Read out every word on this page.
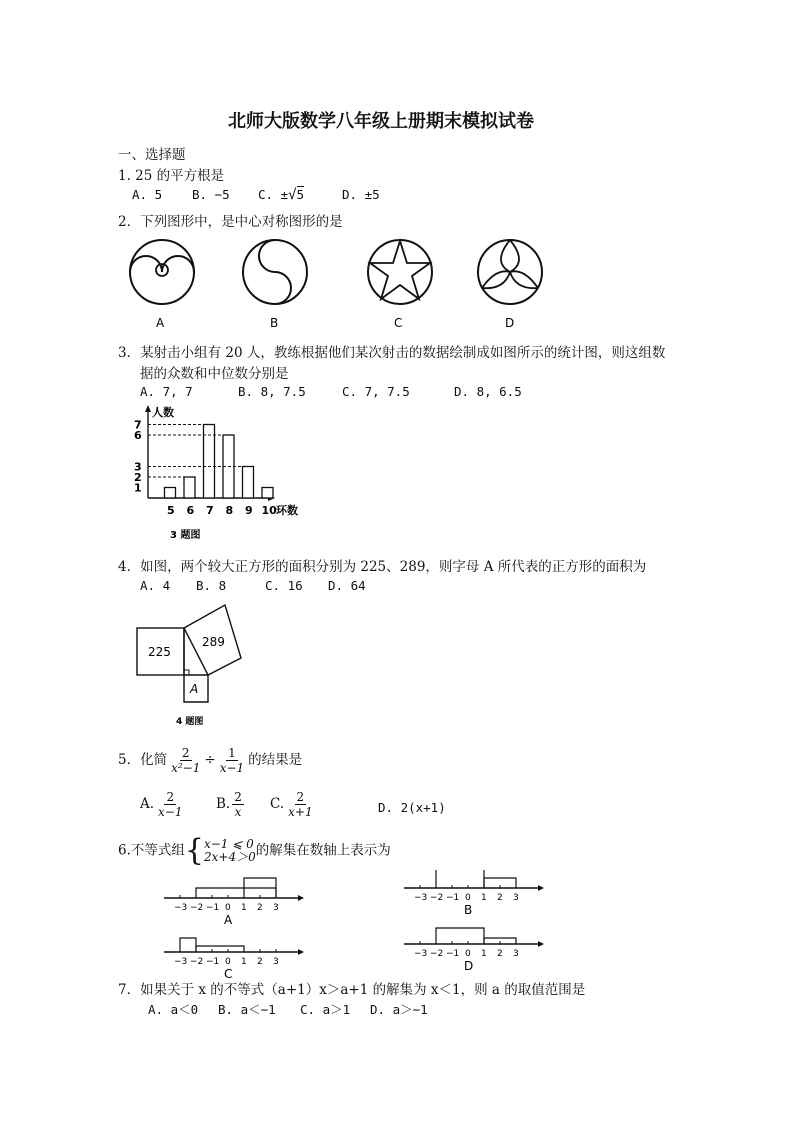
北师大版数学八年级上册期末模拟试卷
一、选择题
1. 25 的平方根是
A. 5 B. −5 C. ±√5	D. ±5
2．下列图形中，是中心对称图形的是
A	B	C	D
3．某射击小组有 20 人，教练根据他们某次射击的数据绘制成如图所示的统计图，则这组数
据的众数和中位数分别是
A. 7, 7	B. 8, 7.5	C. 7, 7.5	D. 8, 6.5
人数
环数
1
2
3
6
7
5 6 7 8 9 10
3 题图
4．如图，两个较大正方形的面积分别为 225、289，则字母 A 所代表的正方形的面积为
A. 4 B. 8	C. 16 D. 64
225
289
A
4 题图
5．化简 $\frac{2}{\text{x²−1}} \div \frac{1}{x-1}$ 的结果是
A. $\frac{2}{x-1} B$. $\frac{2}{x} C$. $\frac{2}{x+1}$	D. 2(x+1)
6.不等式组{ x−1 ⩽ 0
2x+4＞0 的解集在数轴上表示为
−3 −2 −1 0 1 2 3
A
−3 −2 −1 0 1 2 3
B
−3 −2 −1 0 1 2 3
C
−3 −2 −1 0 1 2 3
D
7．如果关于 x 的不等式（a+1）x＞a+1 的解集为 x＜1，则 a 的取值范围是
A. a＜0 B. a＜−1 C. a＞1 D. a＞−1
